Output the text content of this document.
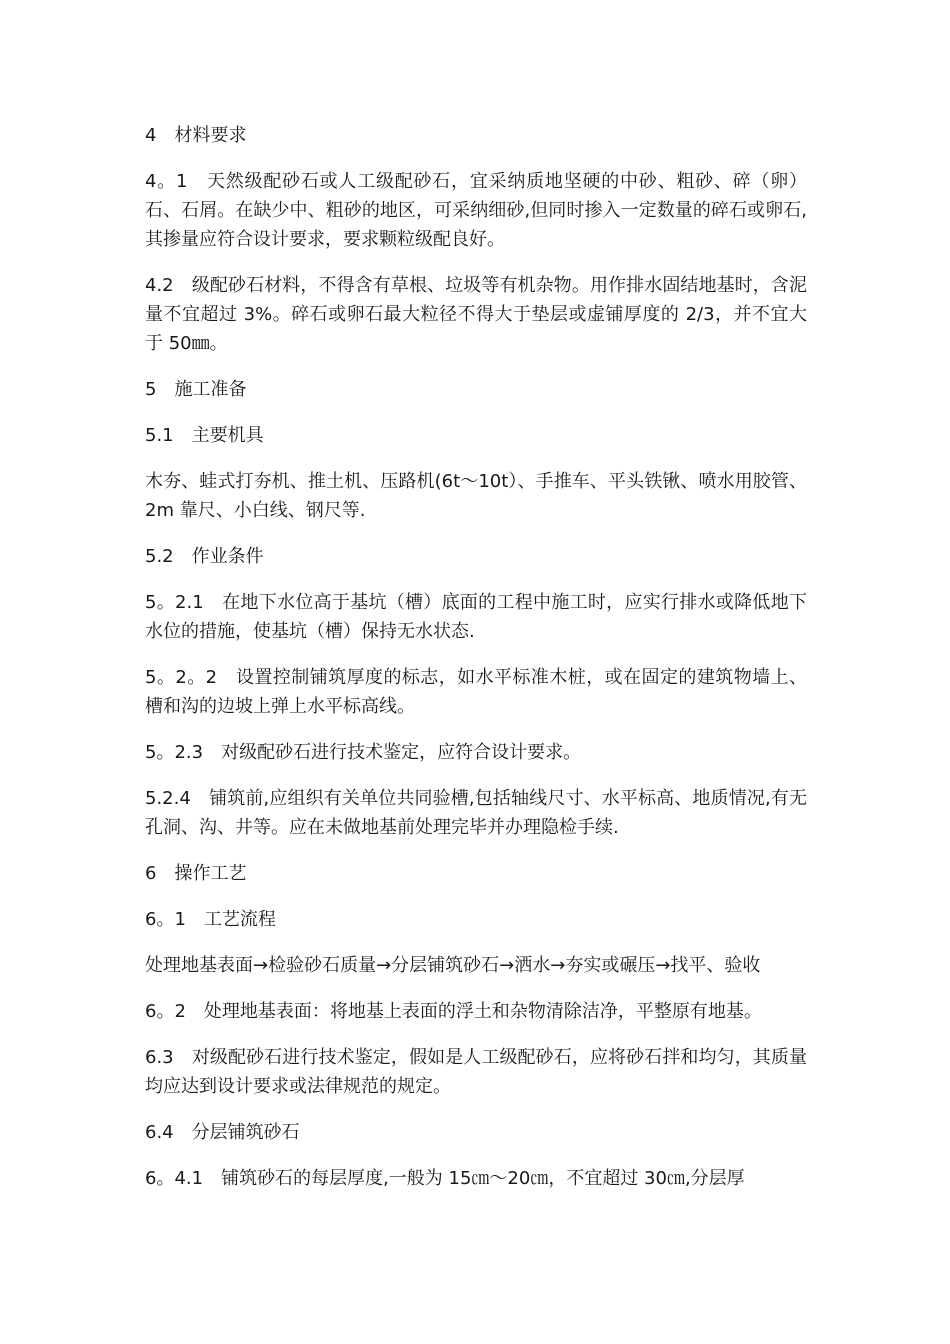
4　材料要求

4。1　天然级配砂石或人工级配砂石，宜采纳质地坚硬的中砂、粗砂、碎（卵）石、石屑。在缺少中、粗砂的地区，可采纳细砂,但同时掺入一定数量的碎石或卵石,其掺量应符合设计要求，要求颗粒级配良好。

4.2　级配砂石材料，不得含有草根、垃圾等有机杂物。用作排水固结地基时，含泥量不宜超过 3%。碎石或卵石最大粒径不得大于垫层或虚铺厚度的 2/3，并不宜大于 50㎜。

5　施工准备

5.1　主要机具

木夯、蛙式打夯机、推土机、压路机(6t～10t）、手推车、平头铁锹、喷水用胶管、2m 靠尺、小白线、钢尺等.

5.2　作业条件

5。2.1　在地下水位高于基坑（槽）底面的工程中施工时，应实行排水或降低地下水位的措施，使基坑（槽）保持无水状态.

5。2。2　设置控制铺筑厚度的标志，如水平标准木桩，或在固定的建筑物墙上、槽和沟的边坡上弹上水平标高线。

5。2.3　对级配砂石进行技术鉴定，应符合设计要求。

5.2.4　铺筑前,应组织有关单位共同验槽,包括轴线尺寸、水平标高、地质情况,有无孔洞、沟、井等。应在未做地基前处理完毕并办理隐检手续.

6　操作工艺

6。1　工艺流程

处理地基表面→检验砂石质量→分层铺筑砂石→洒水→夯实或碾压→找平、验收

6。2　处理地基表面：将地基上表面的浮土和杂物清除洁净，平整原有地基。

6.3　对级配砂石进行技术鉴定，假如是人工级配砂石，应将砂石拌和均匀，其质量均应达到设计要求或法律规范的规定。

6.4　分层铺筑砂石

6。4.1　铺筑砂石的每层厚度,一般为 15㎝～20㎝，不宜超过 30㎝,分层厚
